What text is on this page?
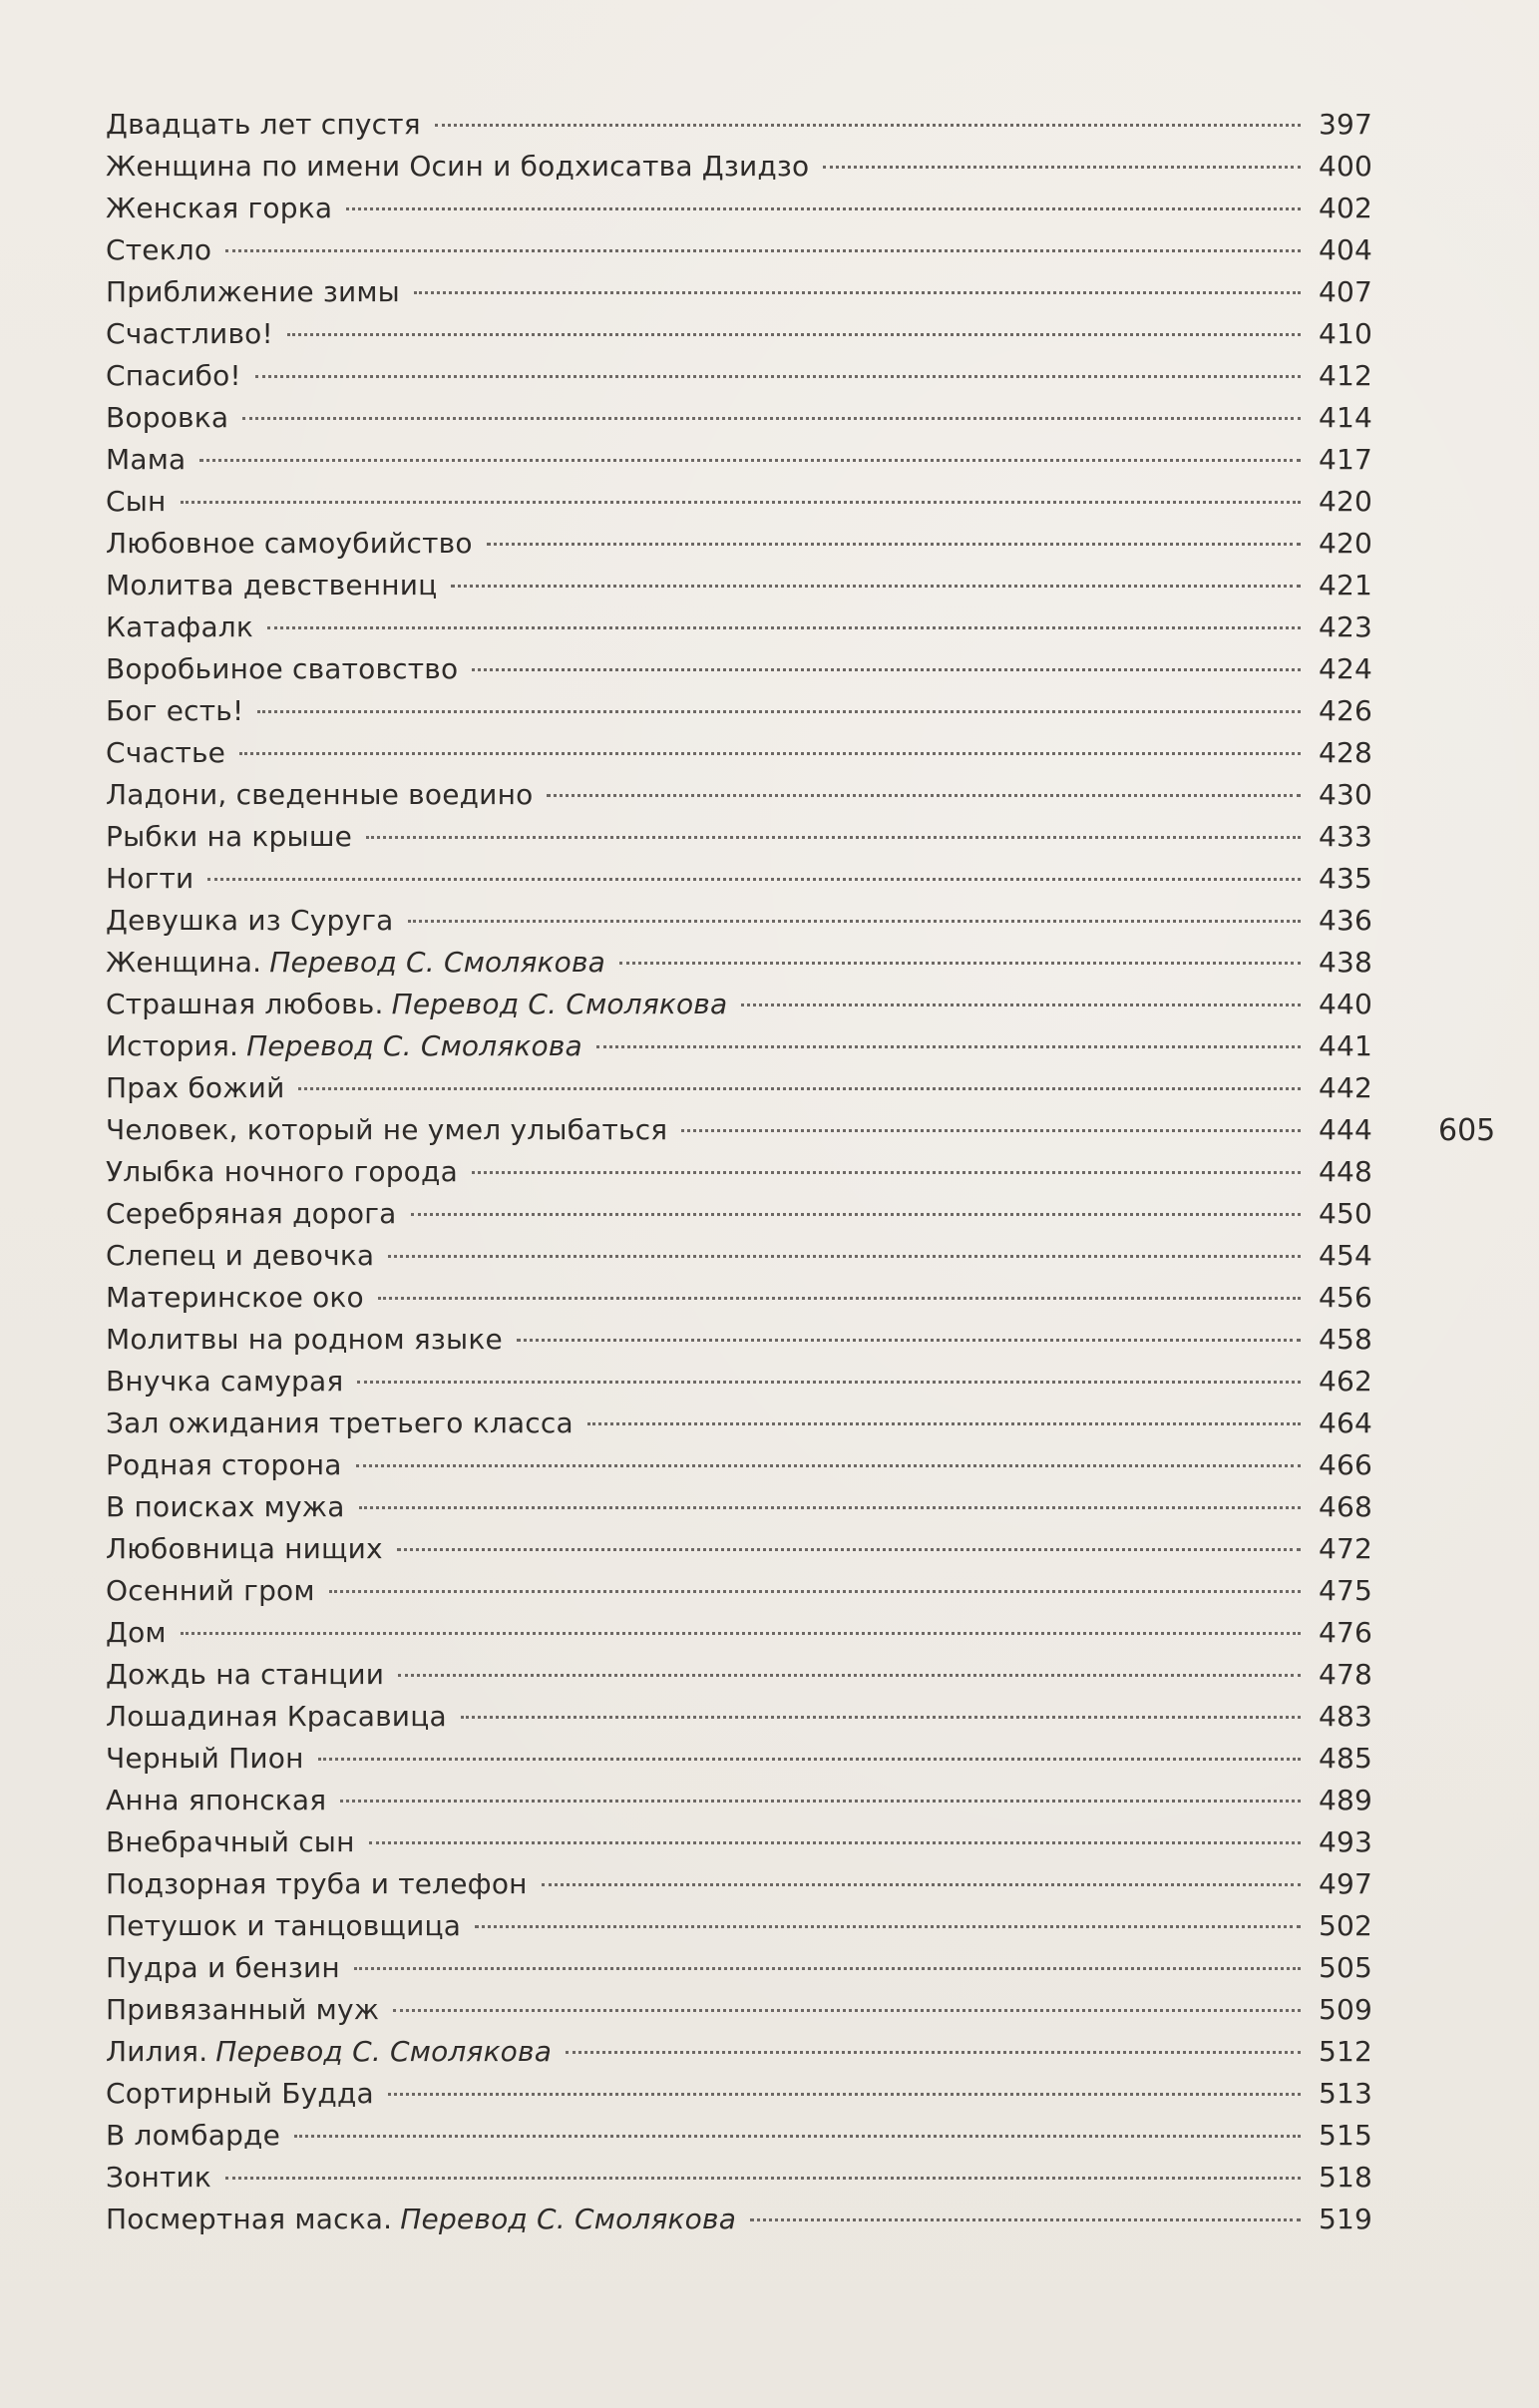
Двадцать лет спустя	397
Женщина по имени Осин и бодхисатва Дзидзо	400
Женская горка	402
Стекло	404
Приближение зимы	407
Счастливо!	410
Спасибо!	412
Воровка	414
Мама	417
Сын	420
Любовное самоубийство	420
Молитва девственниц	421
Катафалк	423
Воробьиное сватовство	424
Бог есть!	426
Счастье	428
Ладони, сведенные воедино	430
Рыбки на крыше	433
Ногти	435
Девушка из Суруга	436
Женщина. Перевод С. Смолякова	438
Страшная любовь. Перевод С. Смолякова	440
История. Перевод С. Смолякова	441
Прах божий	442
Человек, который не умел улыбаться	444
Улыбка ночного города	448
Серебряная дорога	450
Слепец и девочка	454
Материнское око	456
Молитвы на родном языке	458
Внучка самурая	462
Зал ожидания третьего класса	464
Родная сторона	466
В поисках мужа	468
Любовница нищих	472
Осенний гром	475
Дом	476
Дождь на станции	478
Лошадиная Красавица	483
Черный Пион	485
Анна японская	489
Внебрачный сын	493
Подзорная труба и телефон	497
Петушок и танцовщица	502
Пудра и бензин	505
Привязанный муж	509
Лилия. Перевод С. Смолякова	512
Сортирный Будда	513
В ломбарде	515
Зонтик	518
Посмертная маска. Перевод С. Смолякова	519
605
